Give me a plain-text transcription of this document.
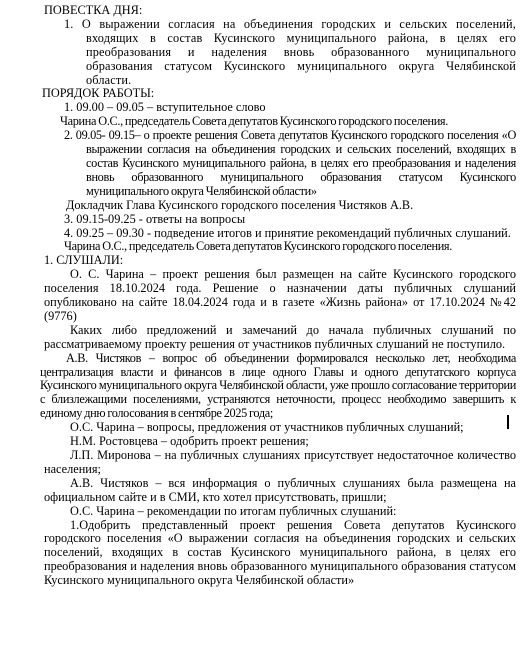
ПОВЕСТКА ДНЯ:

1. О выражении согласия на объединения городских и сельских поселений, входящих в состав Кусинского муниципального района, в целях его преобразования и наделения вновь образованного муниципального образования статусом Кусинского муниципального округа Челябинской области.

ПОРЯДОК РАБОТЫ:

1. 09.00 – 09.05 – вступительное слово

Чарина О.С., председатель Совета депутатов Кусинского городского поселения.

2. 09.05- 09.15– о проекте решения Совета депутатов Кусинского городского поселения «О выражении согласия на объединения городских и сельских поселений, входящих в состав Кусинского муниципального района, в целях его преобразования и наделения вновь образованного муниципального образования статусом Кусинского муниципального округа Челябинской области»

Докладчик Глава Кусинского городского поселения Чистяков А.В.

3. 09.15-09.25 - ответы на вопросы

4. 09.25 – 09.30 - подведение итогов и принятие рекомендаций публичных слушаний.

Чарина О.С., председатель Совета депутатов Кусинского городского поселения.

1. СЛУШАЛИ:

О. С. Чарина – проект решения был размещен на сайте Кусинского городского поселения 18.10.2024 года. Решение о назначении даты публичных слушаний опубликовано на сайте 18.04.2024 года и в газете «Жизнь района» от 17.10.2024 №42 (9776)

Каких либо предложений и замечаний до начала публичных слушаний по рассматриваемому проекту решения от участников публичных слушаний не поступило.

А.В. Чистяков – вопрос об объединении формировался несколько лет, необходима централизация власти и финансов в лице одного Главы и одного депутатского корпуса Кусинского муниципального округа Челябинской области, уже прошло согласование территории с близлежащими поселениями, устраняются неточности, процесс необходимо завершить к единому дню голосования в сентябре 2025 года;

О.С. Чарина – вопросы, предложения от участников публичных слушаний;

Н.М. Ростовцева – одобрить проект решения;

Л.П. Миронова – на публичных слушаниях присутствует недостаточное количество населения;

А.В. Чистяков – вся информация о публичных слушаниях была размещена на официальном сайте и в СМИ, кто хотел присутствовать, пришли;

О.С. Чарина – рекомендации по итогам публичных слушаний:

1.Одобрить представленный проект решения Совета депутатов Кусинского городского поселения «О выражении согласия на объединения городских и сельских поселений, входящих в состав Кусинского муниципального района, в целях его преобразования и наделения вновь образованного муниципального образования статусом Кусинского муниципального округа Челябинской области»
